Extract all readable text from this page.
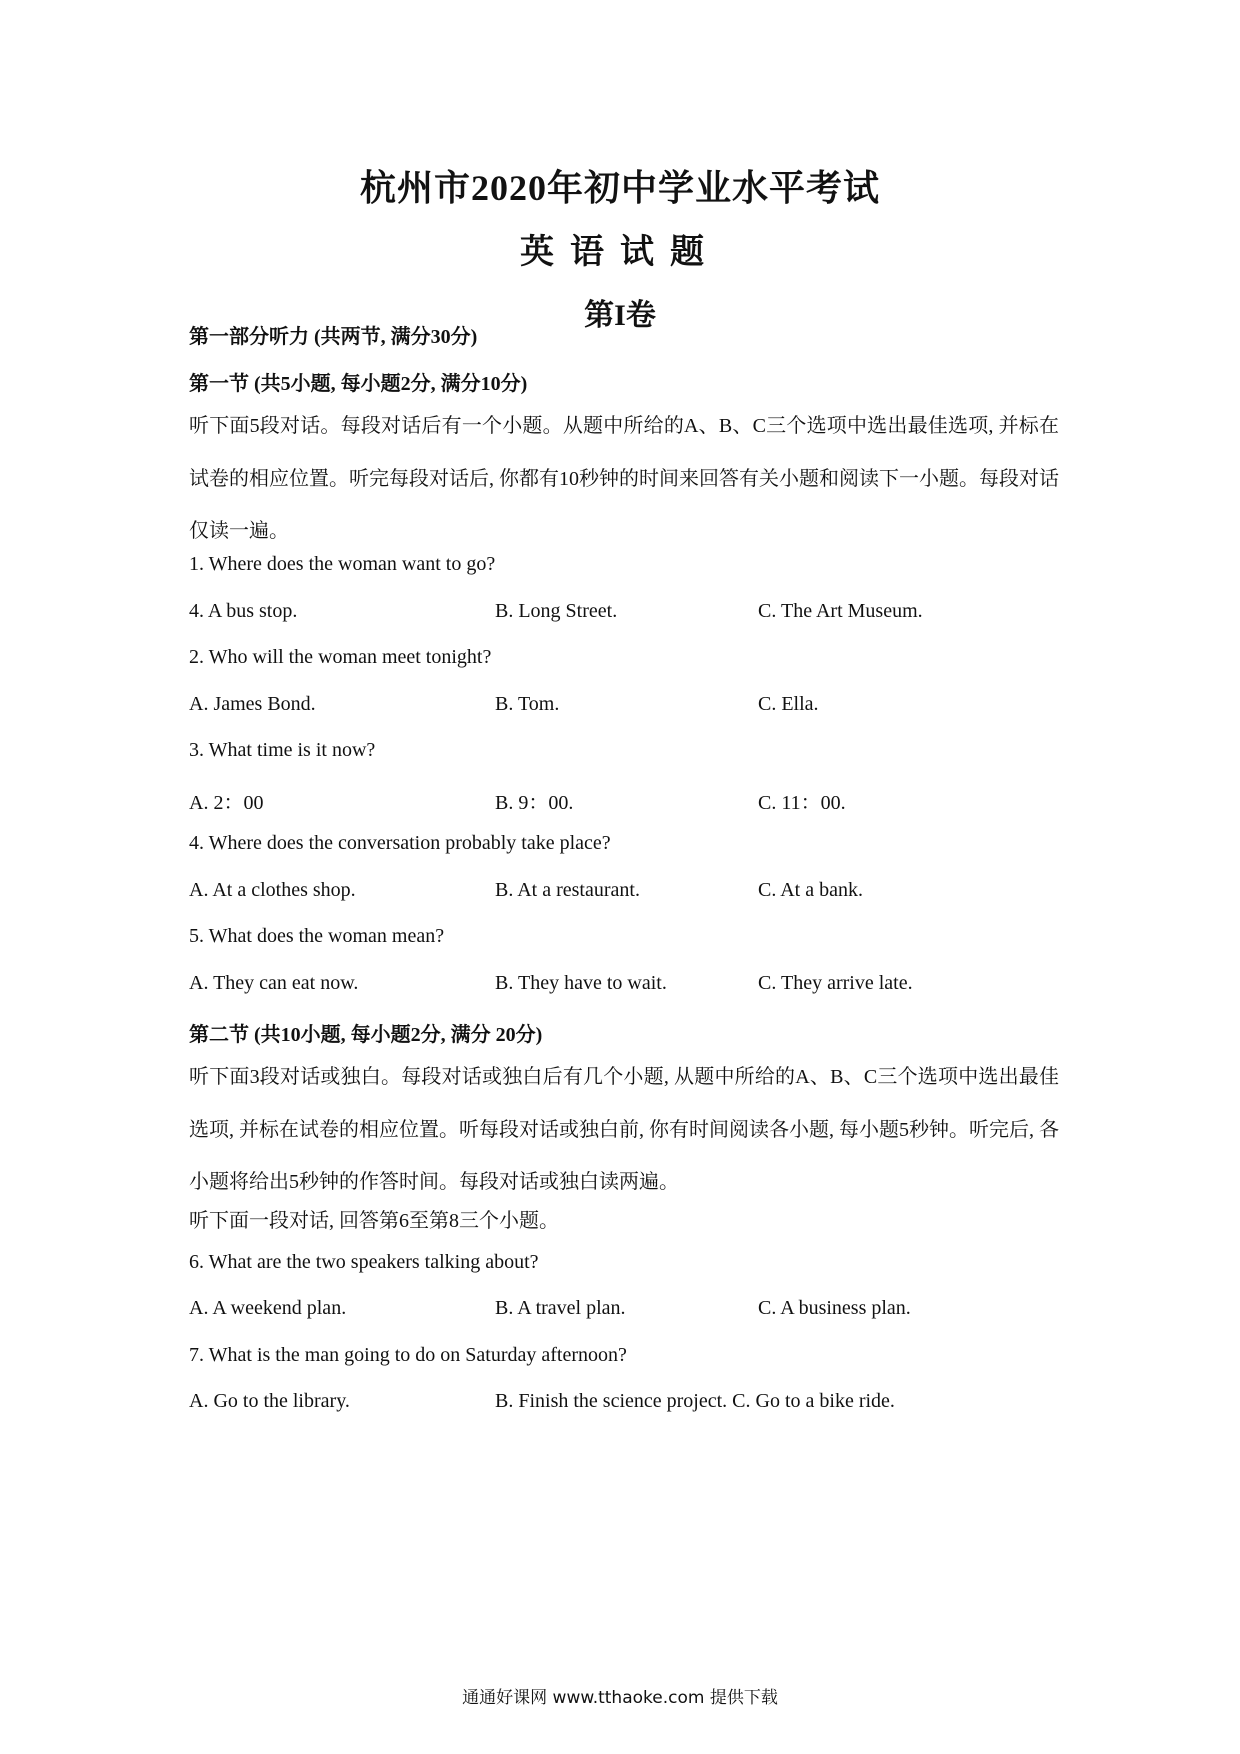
杭州市2020年初中学业水平考试
英语试题
第I卷
第一部分听力 (共两节, 满分30分)
第一节 (共5小题, 每小题2分, 满分10分)
听下面5段对话。每段对话后有一个小题。从题中所给的A、B、C三个选项中选出最佳选项, 并标在试卷的相应位置。听完每段对话后, 你都有10秒钟的时间来回答有关小题和阅读下一小题。每段对话仅读一遍。
1. Where does the woman want to go?
4. A bus stop.	B. Long Street.	C. The Art Museum.
2. Who will the woman meet tonight?
A. James Bond.	B. Tom.	C. Ella.
3. What time is it now?
A. 2：00	B. 9：00.	C. 11：00.
4. Where does the conversation probably take place?
A. At a clothes shop.	B. At a restaurant.	C. At a bank.
5. What does the woman mean?
A. They can eat now.	B. They have to wait.	C. They arrive late.
第二节 (共10小题, 每小题2分, 满分 20分)
听下面3段对话或独白。每段对话或独白后有几个小题, 从题中所给的A、B、C三个选项中选出最佳选项, 并标在试卷的相应位置。听每段对话或独白前, 你有时间阅读各小题, 每小题5秒钟。听完后, 各小题将给出5秒钟的作答时间。每段对话或独白读两遍。
听下面一段对话, 回答第6至第8三个小题。
6. What are the two speakers talking about?
A. A weekend plan.	B. A travel plan.	C. A business plan.
7. What is the man going to do on Saturday afternoon?
A. Go to the library.	B. Finish the science project. C. Go to a bike ride.
通通好课网 www.tthaoke.com 提供下载
